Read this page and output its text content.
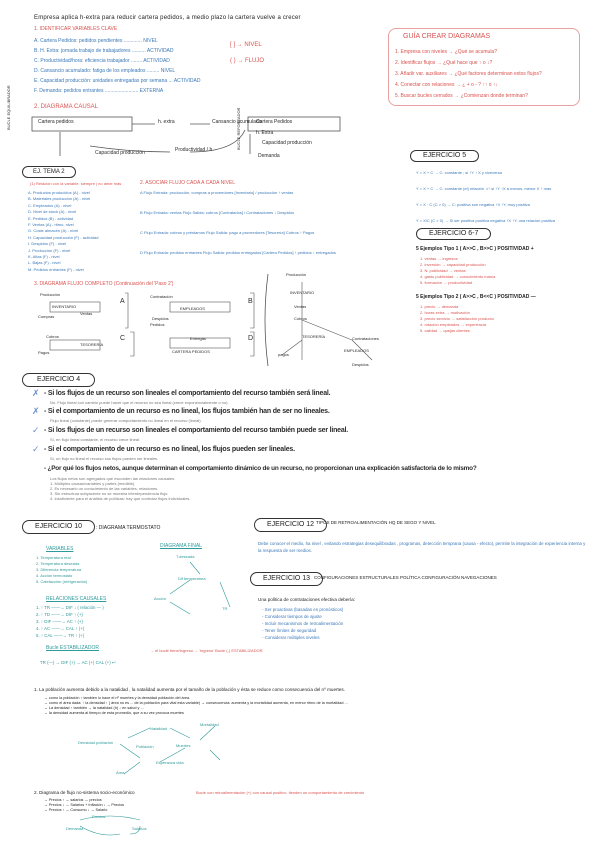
Empresa aplica h-extra para reducir cartera pedidos, a medio plazo la cartera vuelve a crecer
1. IDENTIFICAR VARIABLES CLAVE
A. Cartera Pedidos: pedidos pendientes ............. NIVEL
B. H. Extra: jornada trabajo de trabajadores .......... ACTIVIDAD
C. Productividad/hora: eficiencia trabajador ........ ACTIVIDAD
D. Cansancio acumulado: fatiga de los empleados ......... NIVEL
E. Capacidad producción: unidades entregadas por semana ... ACTIVIDAD
F. Demanda: pedidos entrantes ........................ EXTERNA
[ ] → NIVEL
( ) → FLUJO
GUÍA CREAR DIAGRAMAS
1. Empresa con niveles → ¿Qué se acumula?
2. Identificar flujos → ¿Qué hace que ↑ o ↓?
3. Añadir var. auxiliares → ¿Qué factores determinan estos flujos?
4. Conectar con relaciones → ¿ + o - ? ↑↑ o ↑↓
5. Buscar bucles cerrados → ¿Comienzan donde terminan?
2. DIAGRAMA CAUSAL
Cartera pedidos	h. extra	Cansancio acumulado
Capacidad producción	Productividad / h
Cartera Pedidos
h. Extra
Capacidad producción
Demanda
BUCLE EQUILIBRADOR	BUCLE REFORZADOR
EJ. TEMA 2
(1) Relación con la variable. siempre | no debe más
A. Productos producidos (A) - nivel
B. Materiales producción (A) - nivel
C. Empleados (A) - nivel
D. Nivel de stock (A) - nivel
E. Pedidos (B) - actividad
F. Ventas (A) - ritmo, nivel
G. Coste almacén (A) - nivel
H. Capacidad producción (F) - actividad
I. Despidos (F) - nivel
J. Producción (F) - nivel
K. Altas (F) - nivel
L. Bajas (F) - nivel
M. Pedidos entrantes (F) - nivel
2. ASOCIAR FLUJO CADA A CADA NIVEL
A Flujo Entrada: producción, compras a proveedores [Inventario] / producción ↑ ventas
B Flujo Entrada: ventas Flujo Salida: cobros [Contratados] / Contrataciones ↓ Despidos
C Flujo Entrada: cobros y préstamos Flujo Salida: pago a proveedores [Tesorería] Cobros ↑ Pagos
D Flujo Entrada: pedidos entrantes Flujo Salida: pedidos entregados [Cartera Pedidos] ↑ pedidos ↓ entregados
EJERCICIO 5
Y = X + C → C: constante ; si ↑Y ↑ X y viceversa
Y = X + C → C: constante (el) relación ↓/↑ si ↑Y ↑X a menos, menor X ↑ mas
Y = X · C (C > 0) → C: positiva son negativa ↑X ↑Y, muy positiva
Y = X/C (C > 0) → Si ser positiva positiva negativa ↑X ↑Y, una relación positiva
EJERCICIO 6-7
5 Ejemplos Tipo 1 ( A>>C , B>>C ) POSITIVIDAD +
1. ventas → ingresos
2. inversión → capacidad producción
3. N. publicidad → ventas
4. gasto publicidad → conocimiento marca
5. formación → productividad
5 Ejemplos Tipo 2 ( A>>C , B<<C ) POSITIVIDAD —
1. precio → demanda
2. horas extra → motivación
3. precio servicio → satisfacción producto
4. rotación empleados → experiencia
5. calidad → quejas clientes
3. DIAGRAMA FLUJO COMPLETO (Continuación del 'Paso 2')
Producción
INVENTARIO
Ventas
Compras
Contratación
EMPLEADOS
Despidos
Cobros
TESORERÍA
Pagos
Pedidos
CARTERA PEDIDOS
Entregas
A	B
C	D
Producción
INVENTARIO
Ventas
Cobros
TESORERÍA	Contrataciones
EMPLEADOS
Despidos
pagos
EJERCICIO 4
✗ - Si los flujos de un recurso son lineales el comportamiento del recurso también será lineal.
No. Flujo lineal con cambio puede hacer que el recurso no sea lineal (crece exponencialmente o no).
✗ - Si el comportamiento de un recurso es no lineal, los flujos también han de ser no lineales.
Flujo lineal (constante) puede generar comportamiento no lineal en el recurso (lineal).
✓ - Si los flujos de un recurso son lineales el comportamiento del recurso también puede ser lineal.
Sí, en flujo lineal constante, el recurso crece lineal.
✓ - Si el comportamiento de un recurso es no lineal, los flujos pueden ser lineales.
Sí, un flujo no lineal el recurso sus flujos pueden ser lineales.
- ¿Por qué los flujos netos, aunque determinan el comportamiento dinámico de un recurso, no proporcionan una explicación satisfactoria de lo mismo?
Los flujos netos son agregados que esconden las relaciones causales.
1. Múltiples causas/variables y partes (medible).
2. Es necesario un conocimiento de las variables, relaciones.
3. Sin estructura subyacente no se muestra interdependencia flujo.
4. Insuficiente para el análisis de políticas: hay que controlar flujos individuales.
EJERCICIO 10	: DIAGRAMA TERMOSTATO
VARIABLES
1. Temperatura real
2. Temperatura deseada
3. Diferencia temperatura
4. Acción termostato
5. Calefacción (refrigeración)
RELACIONES CAUSALES
1. ↑ TR ——→ DIF ↓ ( relación — )
2. ↑ TD ——→ DIF ↑ (+)
3. ↑ DIF ——→ AC ↑ (+)
4. ↑ AC ——→ CAL ↑ (+)
5. ↑ CAL ——→ TR ↑ (+)
DIAGRAMA FINAL
T.deseada
Dif temperatura
Acción
TR
Bucle ESTABILIZADOR	→ el bucle tiene/ingreso → 'Ingreso' Bucle (-) ESTABILIZADOR
TR (—) → DIF (+) → AC (+) CAL (+) ↩
EJERCICIO 12 TIPOS DE RETROALIMENTACIÓN HQ DE SEGO Y NIVEL
Debe conocer el medio, ha nivel , evitando estrategias desequilibradas , programas, detección temprana (causa - efecto), permite la integración de experiencia interna y la respuesta de ser medios.
EJERCICIO 13 CONFIGURACIONES ESTRUCTURALES POLÍTICA CONFIGURACIÓN NAVEGACIONES
Una política de contrataciones efectiva debería:
- Ser proactivas (basadas en pronósticos)
- Considerar tiempos de ajuste
- Incluir mecanismos de retroalimentación
- Tener límites de seguridad
- Considerar múltiples niveles
1. La población aumenta debido a la natalidad , la natalidad aumenta por el tamaño de la población y ésta se reduce como consecuencia del nº muertes.
→ como la población ↑ tambien lo hace el nº muertes y la densidad población del área.
→ como el área dada: ↑ la densidad ↑ ( área no es ... de la población para vital esta variable) → consecuencia: aumenta y la mortalidad aumenta, en menor ritmo de la mortalidad ...
→ La densidad ↑ también → la natalidad (h) ↓ en salud y ...
→ la densidad aumenta al tiempo de esta promedio, que a su vez provoca muertes
Natalidad
Densidad población
Población	Muertes
Mortalidad
Esperanza vida
Área
2. Diagrama de flujo no-sistema socio-económico	Bucle con retroalimentación (+) con causal positivo, tienden un comportamiento de crecimiento
→ Precios ↑ → salarios → precios
→ Precios ↓ → Salarios + Inflación ↓ → Precios
→ Precios ↑ → Consumo ↓ → Salario
Precios
Demanda	Salarios
